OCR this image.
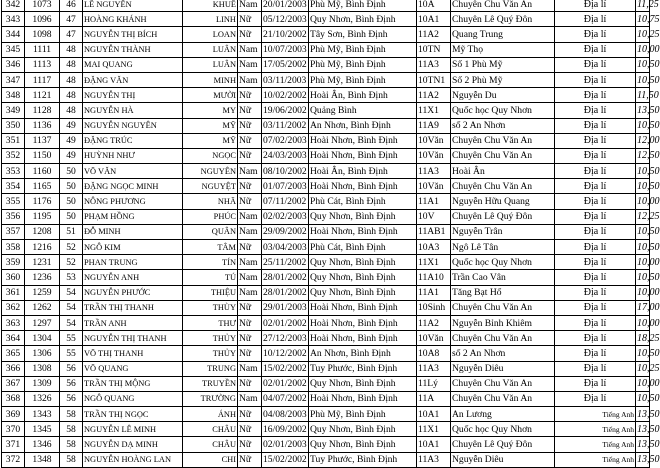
342	1073	46	LÊ NGUYÊN	KHUÊ	Nam	20/01/2003	Phù Mỹ, Bình Định	10A	Chuyên Chu Văn An	Địa lí	11,25	
343	1096	47	HOÀNG KHÁNH	LINH	Nữ	05/12/2003	Quy Nhơn, Bình Định	10A1	Chuyên Lê Quý Đôn	Địa lí	10,75	
344	1098	47	NGUYỄN THỊ BÍCH	LOAN	Nữ	21/10/2002	Tây Sơn, Bình Định	11A2	Quang Trung	Địa lí	10,25	
345	1111	48	NGUYỄN THÀNH	LUÂN	Nam	10/07/2003	Phù Mỹ, Bình Định	10TN	Mỹ Thọ	Địa lí	10,00	
346	1113	48	MAI QUANG	LUÂN	Nam	17/05/2002	Phù Mỹ, Bình Định	11A3	Số 1 Phù Mỹ	Địa lí	10,50	
347	1117	48	ĐẶNG VĂN	MINH	Nam	03/11/2003	Phù Mỹ, Bình Định	10TN1	Số 2 Phù Mỹ	Địa lí	10,50	
348	1121	48	NGUYỄN THỊ	MƯỜI	Nữ	10/02/2002	Hoài Ân, Bình Định	11A2	Nguyễn Du	Địa lí	11,50	
349	1128	48	NGUYỄN HÀ	MY	Nữ	19/06/2002	Quảng Bình	11X1	Quốc học Quy Nhơn	Địa lí	13,50	
350	1136	49	NGUYỄN NGUYÊN	MỸ	Nữ	03/11/2002	An Nhơn, Bình Định	11A9	số 2 An Nhơn	Địa lí	10,50	
351	1137	49	ĐẶNG TRÚC	MỸ	Nữ	07/02/2003	Hoài Nhơn, Bình Định	10Văn	Chuyên Chu Văn An	Địa lí	12,00	
352	1150	49	HUỲNH NHƯ	NGỌC	Nữ	24/03/2003	Hoài Nhơn, Bình Định	10Văn	Chuyên Chu Văn An	Địa lí	12,50	
353	1160	50	VÕ VĂN	NGUYÊN	Nam	08/10/2002	Hoài Ân, Bình Định	11A3	Hoài Ân	Địa lí	10,50	
354	1165	50	ĐẶNG NGỌC MINH	NGUYỆT	Nữ	01/07/2003	Hoài Nhơn, Bình Định	10Văn	Chuyên Chu Văn An	Địa lí	10,50	
355	1176	50	NÔNG PHƯƠNG	NHÃ	Nữ	07/11/2002	Phù Cát, Bình Định	11A1	Nguyễn Hữu Quang	Địa lí	10,00	
356	1195	50	PHẠM HỒNG	PHÚC	Nam	02/02/2003	Quy Nhơn, Bình Định	10V	Chuyên Lê Quý Đôn	Địa lí	12,25	
357	1208	51	ĐỖ MINH	QUÂN	Nam	29/09/2002	Hoài Nhơn, Bình Định	11AB1	Nguyễn Trân	Địa lí	10,50	
358	1216	52	NGÔ KIM	TÂM	Nữ	03/04/2003	Phù Cát, Bình Định	10A3	Ngô Lê Tân	Địa lí	10,50	
359	1231	52	PHAN TRUNG	TÍN	Nam	25/11/2002	Quy Nhơn, Bình Định	11X1	Quốc học Quy Nhơn	Địa lí	10,00	
360	1236	53	NGUYỄN ANH	TÚ	Nam	28/01/2002	Quy Nhơn, Bình Định	11A10	Trần Cao Vân	Địa lí	10,50	
361	1259	54	NGUYỄN PHƯỚC	THIỆU	Nam	28/01/2002	Quy Nhơn, Bình Định	11A1	Tăng Bạt Hổ	Địa lí	10,00	
362	1262	54	TRẦN THỊ THANH	THÙY	Nữ	29/01/2003	Hoài Nhơn, Bình Định	10Sinh	Chuyên Chu Văn An	Địa lí	17,00	
363	1297	54	TRẦN ANH	THƯ	Nữ	02/01/2002	Hoài Nhơn, Bình Định	11A2	Nguyễn Bỉnh Khiêm	Địa lí	10,00	
364	1304	55	NGUYỄN THỊ THANH	THỦY	Nữ	27/12/2003	Hoài Nhơn, Bình Định	10Văn	Chuyên Chu Văn An	Địa lí	18,25	
365	1306	55	VÕ THỊ THANH	THỦY	Nữ	10/12/2002	An Nhơn, Bình Định	10A8	số 2 An Nhơn	Địa lí	10,50	
366	1308	56	VÕ QUANG	TRUNG	Nam	15/02/2002	Tuy Phước, Bình Định	11A3	Nguyễn Diêu	Địa lí	10,25	
367	1309	56	TRẦN THỊ MỘNG	TRUYỀN	Nữ	02/01/2002	Quy Nhơn, Bình Định	11Lý	Chuyên Chu Văn An	Địa lí	10,00	
368	1326	56	NGÔ QUANG	TRƯỜNG	Nam	04/07/2002	Hoài Nhơn, Bình Định	11A	Chuyên Chu Văn An	Địa lí	10,50	
369	1343	58	TRẦN THỊ NGỌC	ÁNH	Nữ	04/08/2003	Phù Mỹ, Bình Định	10A1	An Lương	Tiếng Anh	13,50	
370	1345	58	NGUYỄN LÊ MINH	CHÂU	Nữ	16/09/2002	Quy Nhơn, Bình Định	11X1	Quốc học Quy Nhơn	Tiếng Anh	13,50	
371	1346	58	NGUYỄN DẠ MINH	CHÂU	Nữ	02/01/2003	Quy Nhơn, Bình Định	10A1	Chuyên Lê Quý Đôn	Tiếng Anh	13,50	
372	1348	58	NGUYỄN HOÀNG LAN	CHI	Nữ	15/02/2002	Tuy Phước, Bình Định	11A3	Nguyễn Diêu	Tiếng Anh	13,50	
